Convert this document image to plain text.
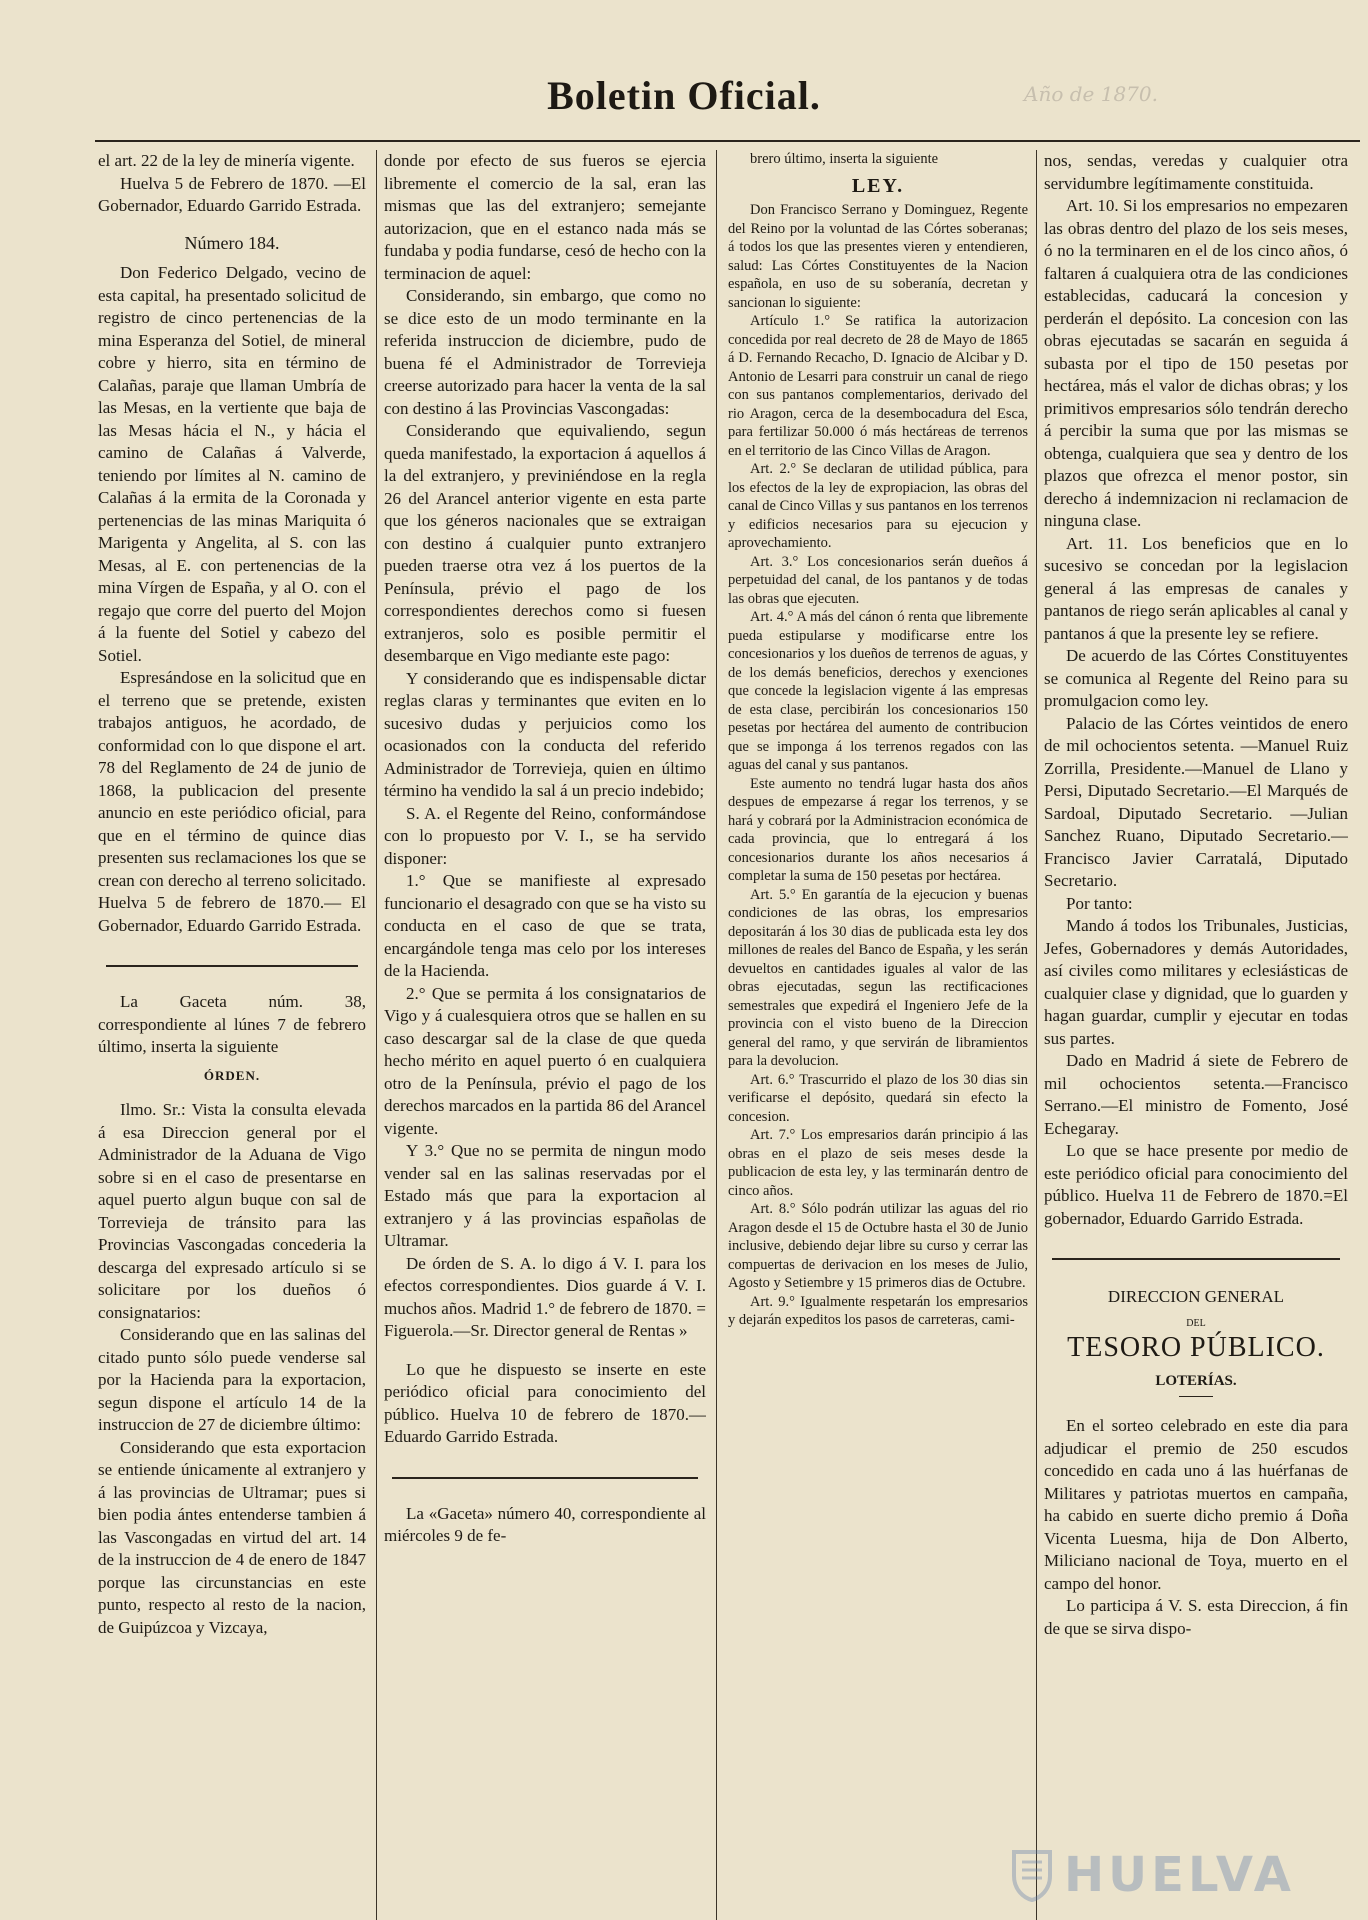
Boletin Oficial.	Año de 1870.

el art. 22 de la ley de minería vigente.

Huelva 5 de Febrero de 1870. —El Gobernador, Eduardo Garrido Estrada.

Número 184.

Don Federico Delgado, vecino de esta capital, ha presentado solicitud de registro de cinco pertenencias de la mina Esperanza del Sotiel, de mineral cobre y hierro, sita en término de Calañas, paraje que llaman Umbría de las Mesas, en la vertiente que baja de las Mesas hácia el N., y hácia el camino de Calañas á Valverde, teniendo por límites al N. camino de Calañas á la ermita de la Coronada y pertenencias de las minas Mariquita ó Marigenta y Angelita, al S. con las Mesas, al E. con pertenencias de la mina Vírgen de España, y al O. con el regajo que corre del puerto del Mojon á la fuente del Sotiel y cabezo del Sotiel.

Espresándose en la solicitud que en el terreno que se pretende, existen trabajos antiguos, he acordado, de conformidad con lo que dispone el art. 78 del Reglamento de 24 de junio de 1868, la publicacion del presente anuncio en este periódico oficial, para que en el término de quince dias presenten sus reclamaciones los que se crean con derecho al terreno solicitado. Huelva 5 de febrero de 1870.— El Gobernador, Eduardo Garrido Estrada.

La Gaceta núm. 38, correspondiente al lúnes 7 de febrero último, inserta la siguiente

ÓRDEN.

Ilmo. Sr.: Vista la consulta elevada á esa Direccion general por el Administrador de la Aduana de Vigo sobre si en el caso de presentarse en aquel puerto algun buque con sal de Torrevieja de tránsito para las Provincias Vascongadas concederia la descarga del expresado artículo si se solicitare por los dueños ó consignatarios:

Considerando que en las salinas del citado punto sólo puede venderse sal por la Hacienda para la exportacion, segun dispone el artículo 14 de la instruccion de 27 de diciembre último:

Considerando que esta exportacion se entiende únicamente al extranjero y á las provincias de Ultramar; pues si bien podia ántes entenderse tambien á las Vascongadas en virtud del art. 14 de la instruccion de 4 de enero de 1847 porque las circunstancias en este punto, respecto al resto de la nacion, de Guipúzcoa y Vizcaya,

donde por efecto de sus fueros se ejercia libremente el comercio de la sal, eran las mismas que las del extranjero; semejante autorizacion, que en el estanco nada más se fundaba y podia fundarse, cesó de hecho con la terminacion de aquel:

Considerando, sin embargo, que como no se dice esto de un modo terminante en la referida instruccion de diciembre, pudo de buena fé el Administrador de Torrevieja creerse autorizado para hacer la venta de la sal con destino á las Provincias Vascongadas:

Considerando que equivaliendo, segun queda manifestado, la exportacion á aquellos á la del extranjero, y previniéndose en la regla 26 del Arancel anterior vigente en esta parte que los géneros nacionales que se extraigan con destino á cualquier punto extranjero pueden traerse otra vez á los puertos de la Península, prévio el pago de los correspondientes derechos como si fuesen extranjeros, solo es posible permitir el desembarque en Vigo mediante este pago:

Y considerando que es indispensable dictar reglas claras y terminantes que eviten en lo sucesivo dudas y perjuicios como los ocasionados con la conducta del referido Administrador de Torrevieja, quien en último término ha vendido la sal á un precio indebido;

S. A. el Regente del Reino, conformándose con lo propuesto por V. I., se ha servido disponer:

1.° Que se manifieste al expresado funcionario el desagrado con que se ha visto su conducta en el caso de que se trata, encargándole tenga mas celo por los intereses de la Hacienda.

2.° Que se permita á los consignatarios de Vigo y á cualesquiera otros que se hallen en su caso descargar sal de la clase de que queda hecho mérito en aquel puerto ó en cualquiera otro de la Península, prévio el pago de los derechos marcados en la partida 86 del Arancel vigente.

Y 3.° Que no se permita de ningun modo vender sal en las salinas reservadas por el Estado más que para la exportacion al extranjero y á las provincias españolas de Ultramar.

De órden de S. A. lo digo á V. I. para los efectos correspondientes. Dios guarde á V. I. muchos años. Madrid 1.° de febrero de 1870. = Figuerola.—Sr. Director general de Rentas »

Lo que he dispuesto se inserte en este periódico oficial para conocimiento del público. Huelva 10 de febrero de 1870.—Eduardo Garrido Estrada.

La «Gaceta» número 40, correspondiente al miércoles 9 de fe-

brero último, inserta la siguiente

LEY.

Don Francisco Serrano y Dominguez, Regente del Reino por la voluntad de las Córtes soberanas; á todos los que las presentes vieren y entendieren, salud: Las Córtes Constituyentes de la Nacion española, en uso de su soberanía, decretan y sancionan lo siguiente:

Artículo 1.° Se ratifica la autorizacion concedida por real decreto de 28 de Mayo de 1865 á D. Fernando Recacho, D. Ignacio de Alcibar y D. Antonio de Lesarri para construir un canal de riego con sus pantanos complementarios, derivado del rio Aragon, cerca de la desembocadura del Esca, para fertilizar 50.000 ó más hectáreas de terrenos en el territorio de las Cinco Villas de Aragon.

Art. 2.° Se declaran de utilidad pública, para los efectos de la ley de expropiacion, las obras del canal de Cinco Villas y sus pantanos en los terrenos y edificios necesarios para su ejecucion y aprovechamiento.

Art. 3.° Los concesionarios serán dueños á perpetuidad del canal, de los pantanos y de todas las obras que ejecuten.

Art. 4.° A más del cánon ó renta que libremente pueda estipularse y modificarse entre los concesionarios y los dueños de terrenos de aguas, y de los demás beneficios, derechos y exenciones que concede la legislacion vigente á las empresas de esta clase, percibirán los concesionarios 150 pesetas por hectárea del aumento de contribucion que se imponga á los terrenos regados con las aguas del canal y sus pantanos.

Este aumento no tendrá lugar hasta dos años despues de empezarse á regar los terrenos, y se hará y cobrará por la Administracion económica de cada provincia, que lo entregará á los concesionarios durante los años necesarios á completar la suma de 150 pesetas por hectárea.

Art. 5.° En garantía de la ejecucion y buenas condiciones de las obras, los empresarios depositarán á los 30 dias de publicada esta ley dos millones de reales del Banco de España, y les serán devueltos en cantidades iguales al valor de las obras ejecutadas, segun las rectificaciones semestrales que expedirá el Ingeniero Jefe de la provincia con el visto bueno de la Direccion general del ramo, y que servirán de libramientos para la devolucion.

Art. 6.° Trascurrido el plazo de los 30 dias sin verificarse el depósito, quedará sin efecto la concesion.

Art. 7.° Los empresarios darán principio á las obras en el plazo de seis meses desde la publicacion de esta ley, y las terminarán dentro de cinco años.

Art. 8.° Sólo podrán utilizar las aguas del rio Aragon desde el 15 de Octubre hasta el 30 de Junio inclusive, debiendo dejar libre su curso y cerrar las compuertas de derivacion en los meses de Julio, Agosto y Setiembre y 15 primeros dias de Octubre.

Art. 9.° Igualmente respetarán los empresarios y dejarán expeditos los pasos de carreteras, cami-

nos, sendas, veredas y cualquier otra servidumbre legítimamente constituida.

Art. 10. Si los empresarios no empezaren las obras dentro del plazo de los seis meses, ó no la terminaren en el de los cinco años, ó faltaren á cualquiera otra de las condiciones establecidas, caducará la concesion y perderán el depósito. La concesion con las obras ejecutadas se sacarán en seguida á subasta por el tipo de 150 pesetas por hectárea, más el valor de dichas obras; y los primitivos empresarios sólo tendrán derecho á percibir la suma que por las mismas se obtenga, cualquiera que sea y dentro de los plazos que ofrezca el menor postor, sin derecho á indemnizacion ni reclamacion de ninguna clase.

Art. 11. Los beneficios que en lo sucesivo se concedan por la legislacion general á las empresas de canales y pantanos de riego serán aplicables al canal y pantanos á que la presente ley se refiere.

De acuerdo de las Córtes Constituyentes se comunica al Regente del Reino para su promulgacion como ley.

Palacio de las Córtes veintidos de enero de mil ochocientos setenta. —Manuel Ruiz Zorrilla, Presidente.—Manuel de Llano y Persi, Diputado Secretario.—El Marqués de Sardoal, Diputado Secretario. —Julian Sanchez Ruano, Diputado Secretario.—Francisco Javier Carratalá, Diputado Secretario.

Por tanto:

Mando á todos los Tribunales, Justicias, Jefes, Gobernadores y demás Autoridades, así civiles como militares y eclesiásticas de cualquier clase y dignidad, que lo guarden y hagan guardar, cumplir y ejecutar en todas sus partes.

Dado en Madrid á siete de Febrero de mil ochocientos setenta.—Francisco Serrano.—El ministro de Fomento, José Echegaray.

Lo que se hace presente por medio de este periódico oficial para conocimiento del público. Huelva 11 de Febrero de 1870.=El gobernador, Eduardo Garrido Estrada.

DIRECCION GENERAL
DEL
TESORO PÚBLICO.
LOTERÍAS.

En el sorteo celebrado en este dia para adjudicar el premio de 250 escudos concedido en cada uno á las huérfanas de Militares y patriotas muertos en campaña, ha cabido en suerte dicho premio á Doña Vicenta Luesma, hija de Don Alberto, Miliciano nacional de Toya, muerto en el campo del honor.

Lo participa á V. S. esta Direccion, á fin de que se sirva dispo-

HUELVA
